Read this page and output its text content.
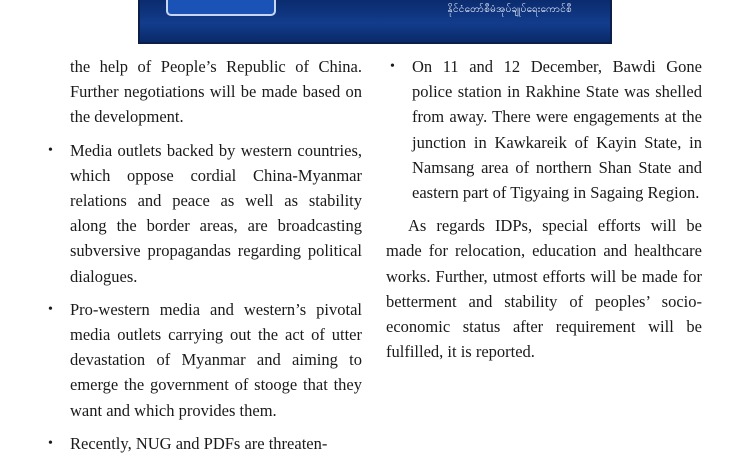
နိုင်ငံတော်စီမံအုပ်ချုပ်ရေးကောင်စီ
the help of People’s Republic of China. Further negotiations will be made based on the development.
• Media outlets backed by western countries, which oppose cordial China-Myanmar relations and peace as well as stability along the border areas, are broadcasting subversive propagandas regarding political dialogues.
• Pro-western media and western’s pivotal media outlets carrying out the act of utter devastation of Myanmar and aiming to emerge the government of stooge that they want and which provides them.
• Recently, NUG and PDFs are threaten-
• On 11 and 12 December, Bawdi Gone police station in Rakhine State was shelled from away. There were engagements at the junction in Kawkareik of Kayin State, in Namsang area of northern Shan State and eastern part of Tigyaing in Sagaing Region.

As regards IDPs, special efforts will be made for relocation, education and healthcare works. Further, utmost efforts will be made for betterment and stability of peoples’ socio-economic status after requirement will be fulfilled, it is reported.
